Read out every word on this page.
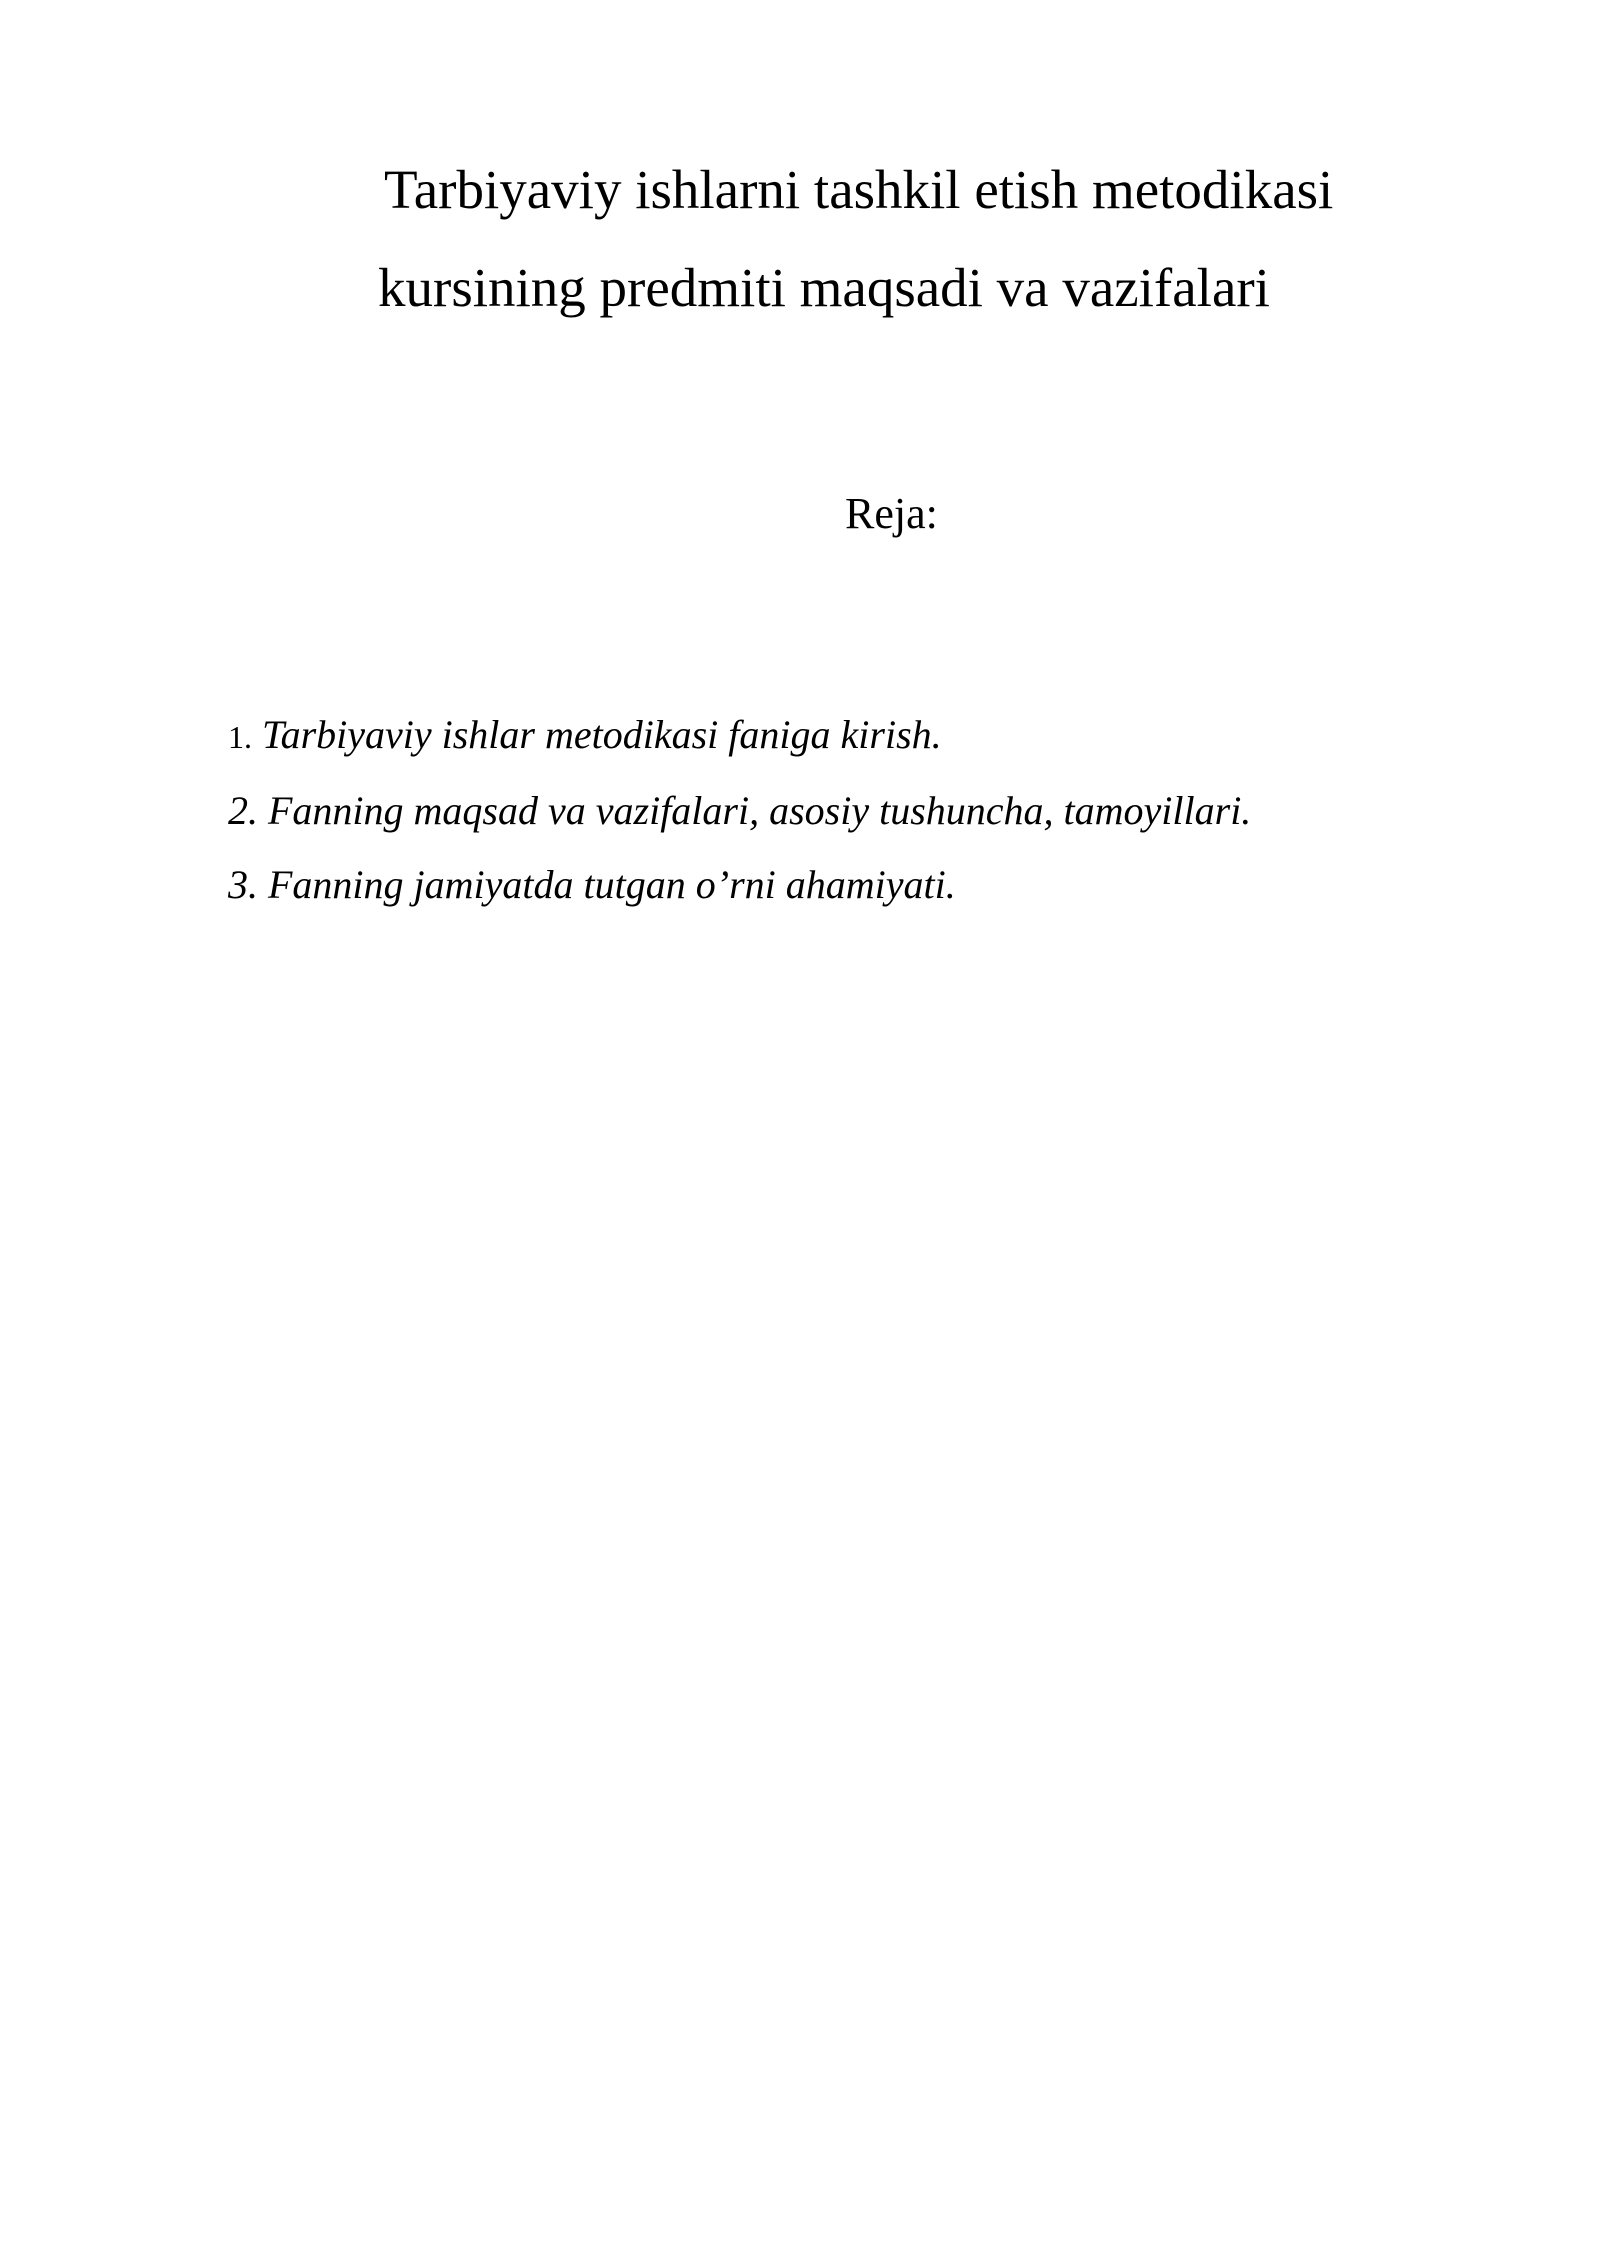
Tarbiyaviy ishlarni tashkil etish metodikasi
kursining predmiti maqsadi va vazifalari
Reja:
1. Tarbiyaviy ishlar metodikasi faniga kirish.
2. Fanning maqsad va vazifalari, asosiy tushuncha, tamoyillari.
3. Fanning jamiyatda tutgan o’rni ahamiyati.
